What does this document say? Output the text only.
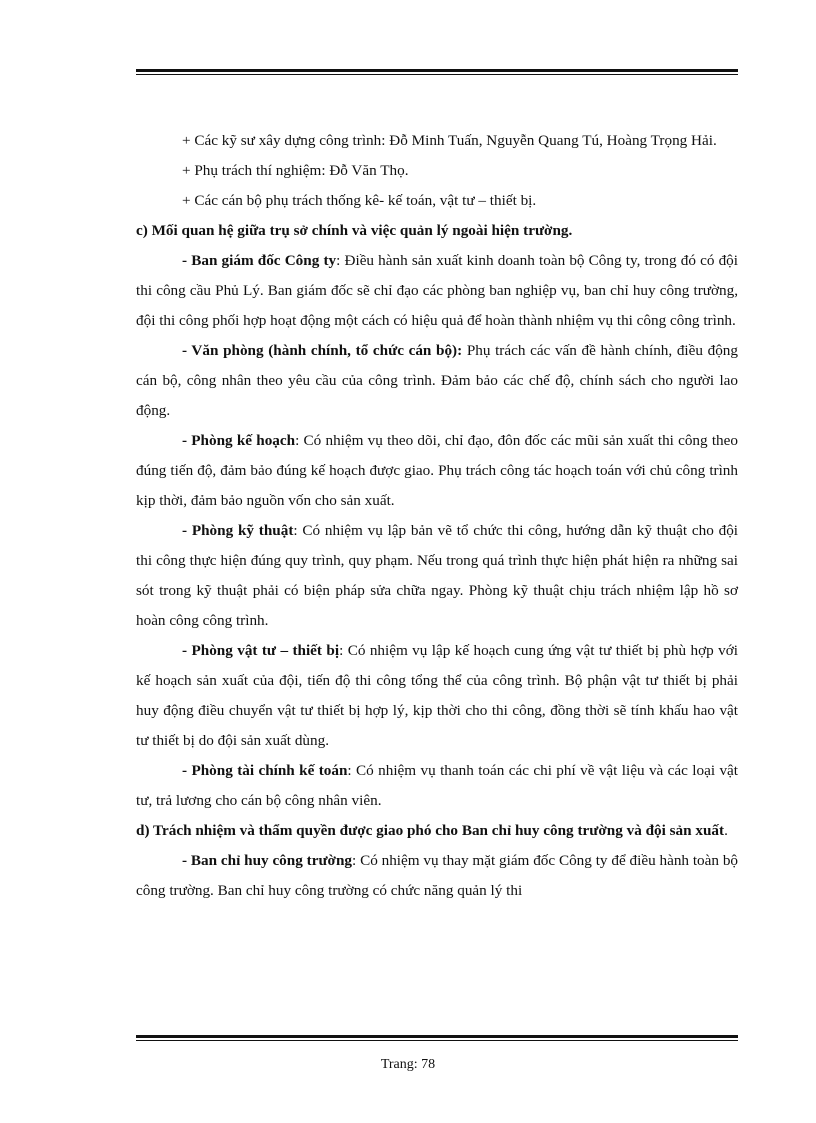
+ Các kỹ sư xây dựng công trình: Đỗ Minh Tuấn, Nguyễn Quang Tú, Hoàng Trọng Hải.

+ Phụ trách thí nghiệm: Đỗ Văn Thọ.

+ Các cán bộ phụ trách thống kê- kế toán, vật tư – thiết bị.

c) Mối quan hệ giữa trụ sở chính và việc quản lý ngoài hiện trường.

- Ban giám đốc Công ty: Điều hành sản xuất kinh doanh toàn bộ Công ty, trong đó có đội thi công cầu Phủ Lý. Ban giám đốc sẽ chỉ đạo các phòng ban nghiệp vụ, ban chỉ huy công trường, đội thi công phối hợp hoạt động một cách có hiệu quả để hoàn thành nhiệm vụ thi công công trình.

- Văn phòng (hành chính, tổ chức cán bộ): Phụ trách các vấn đề hành chính, điều động cán bộ, công nhân theo yêu cầu của công trình. Đảm bảo các chế độ, chính sách cho người lao động.

- Phòng kế hoạch: Có nhiệm vụ theo dõi, chỉ đạo, đôn đốc các mũi sản xuất thi công theo đúng tiến độ, đảm bảo đúng kế hoạch được giao. Phụ trách công tác hoạch toán với chủ công trình kịp thời, đảm bảo nguồn vốn cho sản xuất.

- Phòng kỹ thuật: Có nhiệm vụ lập bản vẽ tổ chức thi công, hướng dẫn kỹ thuật cho đội thi công thực hiện đúng quy trình, quy phạm. Nếu trong quá trình thực hiện phát hiện ra những sai sót trong kỹ thuật phải có biện pháp sửa chữa ngay. Phòng kỹ thuật chịu trách nhiệm lập hồ sơ hoàn công công trình.

- Phòng vật tư – thiết bị: Có nhiệm vụ lập kế hoạch cung ứng vật tư thiết bị phù hợp với kế hoạch sản xuất của đội, tiến độ thi công tổng thể của công trình. Bộ phận vật tư thiết bị phải huy động điều chuyển vật tư thiết bị hợp lý, kịp thời cho thi công, đồng thời sẽ tính khấu hao vật tư thiết bị do đội sản xuất dùng.

- Phòng tài chính kế toán: Có nhiệm vụ thanh toán các chi phí về vật liệu và các loại vật tư, trả lương cho cán bộ công nhân viên.

d) Trách nhiệm và thẩm quyền được giao phó cho Ban chỉ huy công trường và đội sản xuất.

- Ban chỉ huy công trường: Có nhiệm vụ thay mặt giám đốc Công ty để điều hành toàn bộ công trường. Ban chỉ huy công trường có chức năng quản lý thi

Trang: 78
